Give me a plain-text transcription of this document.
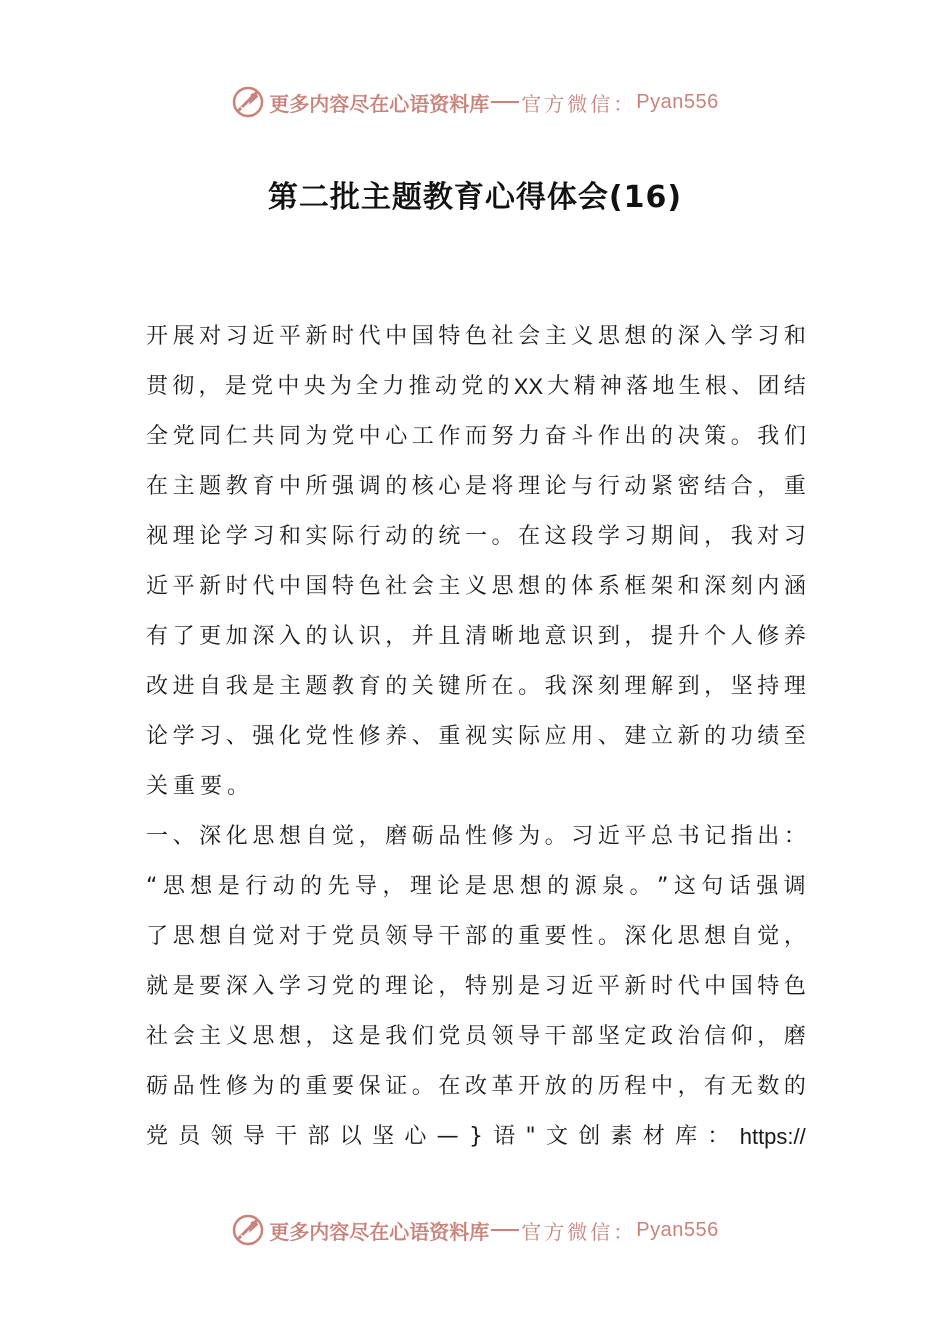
更多内容尽在心语资料库 官方微信： Pyan556
第二批主题教育心得体会(16)
开 展 对 习 近 平 新 时 代 中 国 特 色 社 会 主 义 思 想 的 深 入 学 习 和
贯 彻 ， 是 党 中 央 为 全 力 推 动 党 的 XX 大 精 神 落 地 生 根 、 团 结
全 党 同 仁 共 同 为 党 中 心 工 作 而 努 力 奋 斗 作 出 的 决 策 。 我 们
在 主 题 教 育 中 所 强 调 的 核 心 是 将 理 论 与 行 动 紧 密 结 合 ， 重
视 理 论 学 习 和 实 际 行 动 的 统 一 。 在 这 段 学 习 期 间 ， 我 对 习
近 平 新 时 代 中 国 特 色 社 会 主 义 思 想 的 体 系 框 架 和 深 刻 内 涵
有 了 更 加 深 入 的 认 识 ， 并 且 清 晰 地 意 识 到 ， 提 升 个 人 修 养
改 进 自 我 是 主 题 教 育 的 关 键 所 在 。 我 深 刻 理 解 到 ， 坚 持 理
论 学 习 、 强 化 党 性 修 养 、 重 视 实 际 应 用 、 建 立 新 的 功 绩 至
关 重 要 。
一 、 深 化 思 想 自 觉 ， 磨 砺 品 性 修 为 。 习 近 平 总 书 记 指 出 ：
“ 思 想 是 行 动 的 先 导 ， 理 论 是 思 想 的 源 泉 。 ” 这 句 话 强 调
了 思 想 自 觉 对 于 党 员 领 导 干 部 的 重 要 性 。 深 化 思 想 自 觉 ，
就 是 要 深 入 学 习 党 的 理 论 ， 特 别 是 习 近 平 新 时 代 中 国 特 色
社 会 主 义 思 想 ， 这 是 我 们 党 员 领 导 干 部 坚 定 政 治 信 仰 ， 磨
砺 品 性 修 为 的 重 要 保 证 。 在 改 革 开 放 的 历 程 中 ， 有 无 数 的
党 员 领 导 干 部 以 坚 心 — } 语 " 文 创 素 材 库 ： https://
更多内容尽在心语资料库 官方微信： Pyan556
